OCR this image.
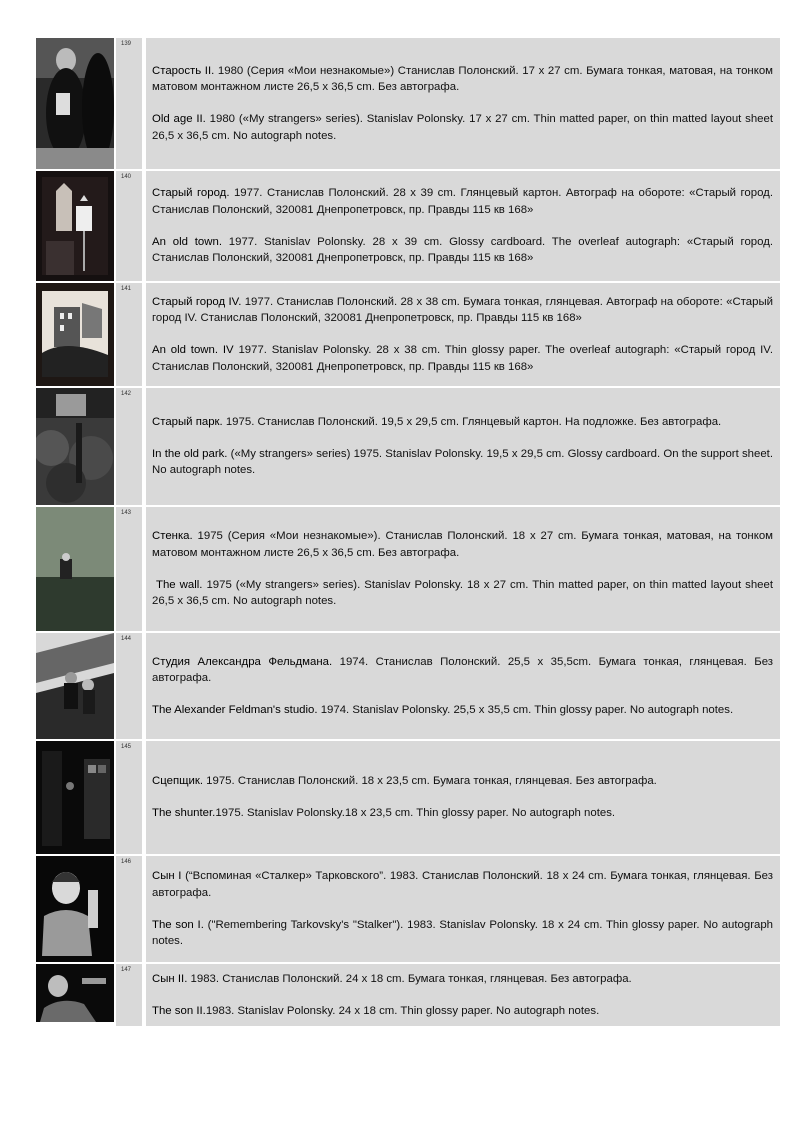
139

Старость II. 1980 (Серия «Мои незнакомые») Станислав Полонский. 17 x 27 cm. Бумага тонкая, матовая, на тонком матовом монтажном листе 26,5 x 36,5 cm. Без автографа.

Old age II. 1980 («My strangers» series). Stanislav Polonsky. 17 x 27 cm. Thin matted paper, on thin matted layout sheet 26,5 x 36,5 cm. No autograph notes.

140

Старый город. 1977. Станислав Полонский. 28 x 39 cm. Глянцевый картон. Автограф на обороте: «Старый город. Станислав Полонский, 320081 Днепропетровск, пр. Правды 115 кв 168»

An old town. 1977. Stanislav Polonsky. 28 x 39 cm. Glossy cardboard. The overleaf autograph: «Старый город. Станислав Полонский, 320081 Днепропетровск, пр. Правды 115 кв 168»

141

Старый город IV. 1977. Станислав Полонский. 28 x 38 cm. Бумага тонкая, глянцевая. Автограф на обороте: «Старый город IV. Станислав Полонский, 320081 Днепропетровск, пр. Правды 115 кв 168»

An old town. IV 1977. Stanislav Polonsky. 28 x 38 cm. Thin glossy paper. The overleaf autograph: «Старый город IV. Станислав Полонский, 320081 Днепропетровск, пр. Правды 115 кв 168»

142

Старый парк. 1975. Станислав Полонский. 19,5 x 29,5 cm. Глянцевый картон. На подложке. Без автографа.

In the old park. («My strangers» series) 1975. Stanislav Polonsky. 19,5 x 29,5 cm. Glossy cardboard. On the support sheet. No autograph notes.

143

Стенка. 1975 (Серия «Мои незнакомые»). Станислав Полонский. 18 x 27 cm. Бумага тонкая, матовая, на тонком матовом монтажном листе 26,5 x 36,5 cm. Без автографа.

The wall. 1975 («My strangers» series). Stanislav Polonsky. 18 x 27 cm. Thin matted paper, on thin matted layout sheet 26,5 x 36,5 cm. No autograph notes.

144

Студия Александра Фельдмана. 1974. Станислав Полонский. 25,5 x 35,5cm. Бумага тонкая, глянцевая. Без автографа.

The Alexander Feldman's studio. 1974. Stanislav Polonsky. 25,5 x 35,5 cm. Thin glossy paper. No autograph notes.

145

Сцепщик. 1975. Станислав Полонский. 18 x 23,5 cm. Бумага тонкая, глянцевая. Без автографа.

The shunter.1975. Stanislav Polonsky.18 x 23,5 cm. Thin glossy paper. No autograph notes.

146

Сын I (“Вспоминая «Сталкер» Тарковского”. 1983. Станислав Полонский. 18 x 24 cm. Бумага тонкая, глянцевая. Без автографа.

The son I. ("Remembering Tarkovsky's "Stalker"). 1983. Stanislav Polonsky. 18 x 24 cm. Thin glossy paper. No autograph notes.

147

Сын II. 1983. Станислав Полонский. 24 x 18 cm. Бумага тонкая, глянцевая. Без автографа.

The son II.1983. Stanislav Polonsky. 24 x 18 cm. Thin glossy paper. No autograph notes.
